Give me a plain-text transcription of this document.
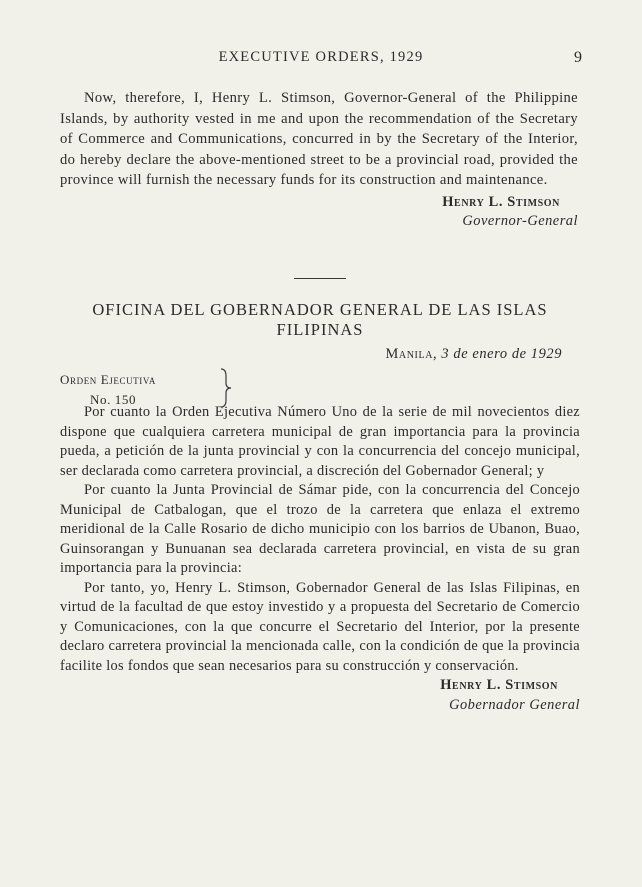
EXECUTIVE ORDERS, 1929	9

Now, therefore, I, Henry L. Stimson, Governor-General of the Philippine Islands, by authority vested in me and upon the recommendation of the Secretary of Commerce and Communications, concurred in by the Secretary of the Interior, do hereby declare the above-mentioned street to be a provincial road, provided the province will furnish the necessary funds for its construction and maintenance.

Henry L. Stimson
Governor-General
OFICINA DEL GOBERNADOR GENERAL DE LAS ISLAS FILIPINAS
Manila, 3 de enero de 1929
Orden Ejecutiva
No. 150

Por cuanto la Orden Ejecutiva Número Uno de la serie de mil novecientos diez dispone que cualquiera carretera municipal de gran importancia para la provincia pueda, a petición de la junta provincial y con la concurrencia del concejo municipal, ser declarada como carretera provincial, a discreción del Gobernador General; y

Por cuanto la Junta Provincial de Sámar pide, con la concurrencia del Concejo Municipal de Catbalogan, que el trozo de la carretera que enlaza el extremo meridional de la Calle Rosario de dicho municipio con los barrios de Ubanon, Buao, Guinsorangan y Bunuanan sea declarada carretera provincial, en vista de su gran importancia para la provincia:

Por tanto, yo, Henry L. Stimson, Gobernador General de las Islas Filipinas, en virtud de la facultad de que estoy investido y a propuesta del Secretario de Comercio y Comunicaciones, con la que concurre el Secretario del Interior, por la presente declaro carretera provincial la mencionada calle, con la condición de que la provincia facilite los fondos que sean necesarios para su construcción y conservación.

Henry L. Stimson
Gobernador General
